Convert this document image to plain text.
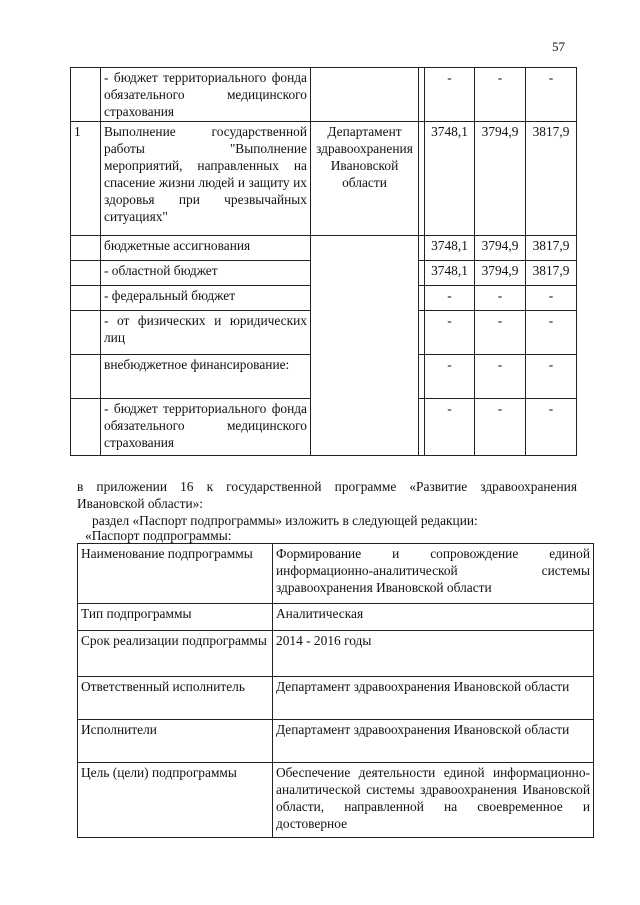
57
	- бюджет территориального фонда обязательного медицинского страхования			-	-	-
1	Выполнение государственной работы "Выполнение мероприятий, направленных на спасение жизни людей и защиту их здоровья при чрезвычайных ситуациях"	Департамент здравоохранения Ивановской области		3748,1	3794,9	3817,9
	бюджетные ассигнования			3748,1	3794,9	3817,9
	- областной бюджет			3748,1	3794,9	3817,9
	- федеральный бюджет			-	-	-
	- от физических и юридических лиц			-	-	-
	внебюджетное финансирование:			-	-	-
	- бюджет территориального фонда обязательного медицинского страхования			-	-	-
в приложении 16 к государственной программе «Развитие здравоохранения
Ивановской области»:
раздел «Паспорт подпрограммы» изложить в следующей редакции:
«Паспорт подпрограммы:
Наименование подпрограммы	Формирование и сопровождение единой информационно-аналитической системы здравоохранения Ивановской области
Тип подпрограммы	Аналитическая
Срок реализации подпрограммы	2014 - 2016 годы
Ответственный исполнитель	Департамент здравоохранения Ивановской области
Исполнители	Департамент здравоохранения Ивановской области
Цель (цели) подпрограммы	Обеспечение деятельности единой информационно-аналитической системы здравоохранения Ивановской области, направленной на своевременное и достоверное
